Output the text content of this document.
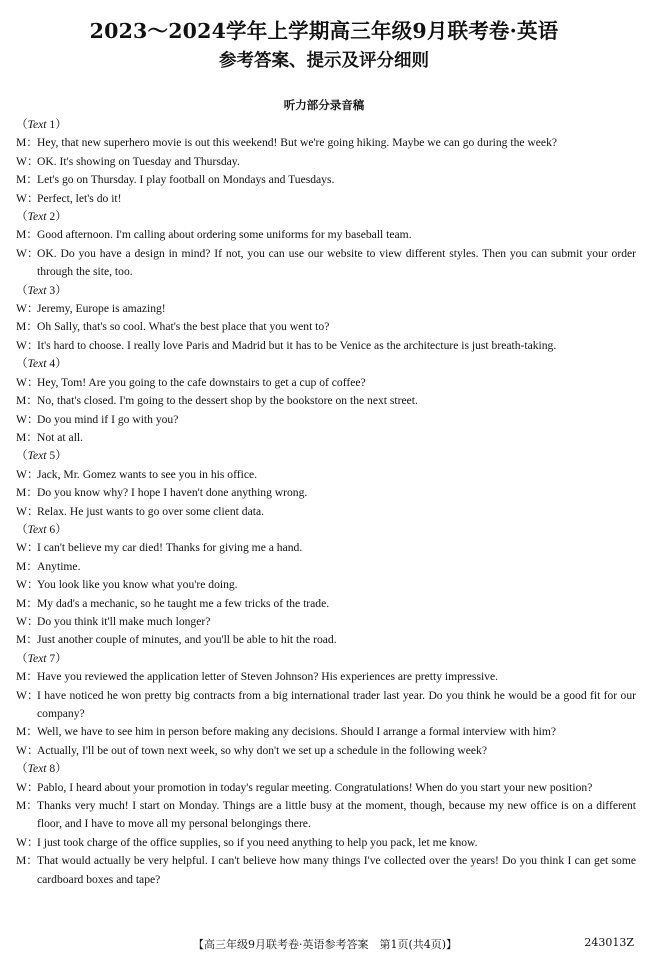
2023～2024学年上学期高三年级9月联考卷·英语
参考答案、提示及评分细则
听力部分录音稿
（Text 1）
M： Hey, that new superhero movie is out this weekend! But we're going hiking. Maybe we can go during the week?
W：
OK. It's showing on Tuesday and Thursday.
M： Let's go on Thursday. I play football on Mondays and Tuesdays.
W：
Perfect, let's do it!
（Text 2）
M： Good afternoon. I'm calling about ordering some uniforms for my baseball team.
W：
OK. Do you have a design in mind? If not, you can use our website to view different styles. Then you can submit your order through the site, too.
（Text 3）
W：
Jeremy, Europe is amazing!
M： Oh Sally, that's so cool. What's the best place that you went to?
W：
It's hard to choose. I really love Paris and Madrid but it has to be Venice as the architecture is just breath-taking.
（Text 4）
W：
Hey, Tom! Are you going to the cafe downstairs to get a cup of coffee?
M： No, that's closed. I'm going to the dessert shop by the bookstore on the next street.
W：
Do you mind if I go with you?
M： Not at all.
（Text 5）
W：
Jack, Mr. Gomez wants to see you in his office.
M： Do you know why? I hope I haven't done anything wrong.
W：
Relax. He just wants to go over some client data.
（Text 6）
W：
I can't believe my car died! Thanks for giving me a hand.
M： Anytime.
W：
You look like you know what you're doing.
M： My dad's a mechanic, so he taught me a few tricks of the trade.
W：
Do you think it'll make much longer?
M： Just another couple of minutes, and you'll be able to hit the road.
（Text 7）
M： Have you reviewed the application letter of Steven Johnson? His experiences are pretty impressive.
W：
I have noticed he won pretty big contracts from a big international trader last year. Do you think he would be a good fit for our company?
M： Well, we have to see him in person before making any decisions. Should I arrange a formal interview with him?
W：
Actually, I'll be out of town next week, so why don't we set up a schedule in the following week?
（Text 8）
W：
Pablo, I heard about your promotion in today's regular meeting. Congratulations! When do you start your new position?
M： Thanks very much! I start on Monday. Things are a little busy at the moment, though, because my new office is on a different floor, and I have to move all my personal belongings there.
W：
I just took charge of the office supplies, so if you need anything to help you pack, let me know.
M： That would actually be very helpful. I can't believe how many things I've collected over the years! Do you think I can get some cardboard boxes and tape?
【高三年级9月联考卷·英语参考答案　第1页(共4页)】	243013Z
